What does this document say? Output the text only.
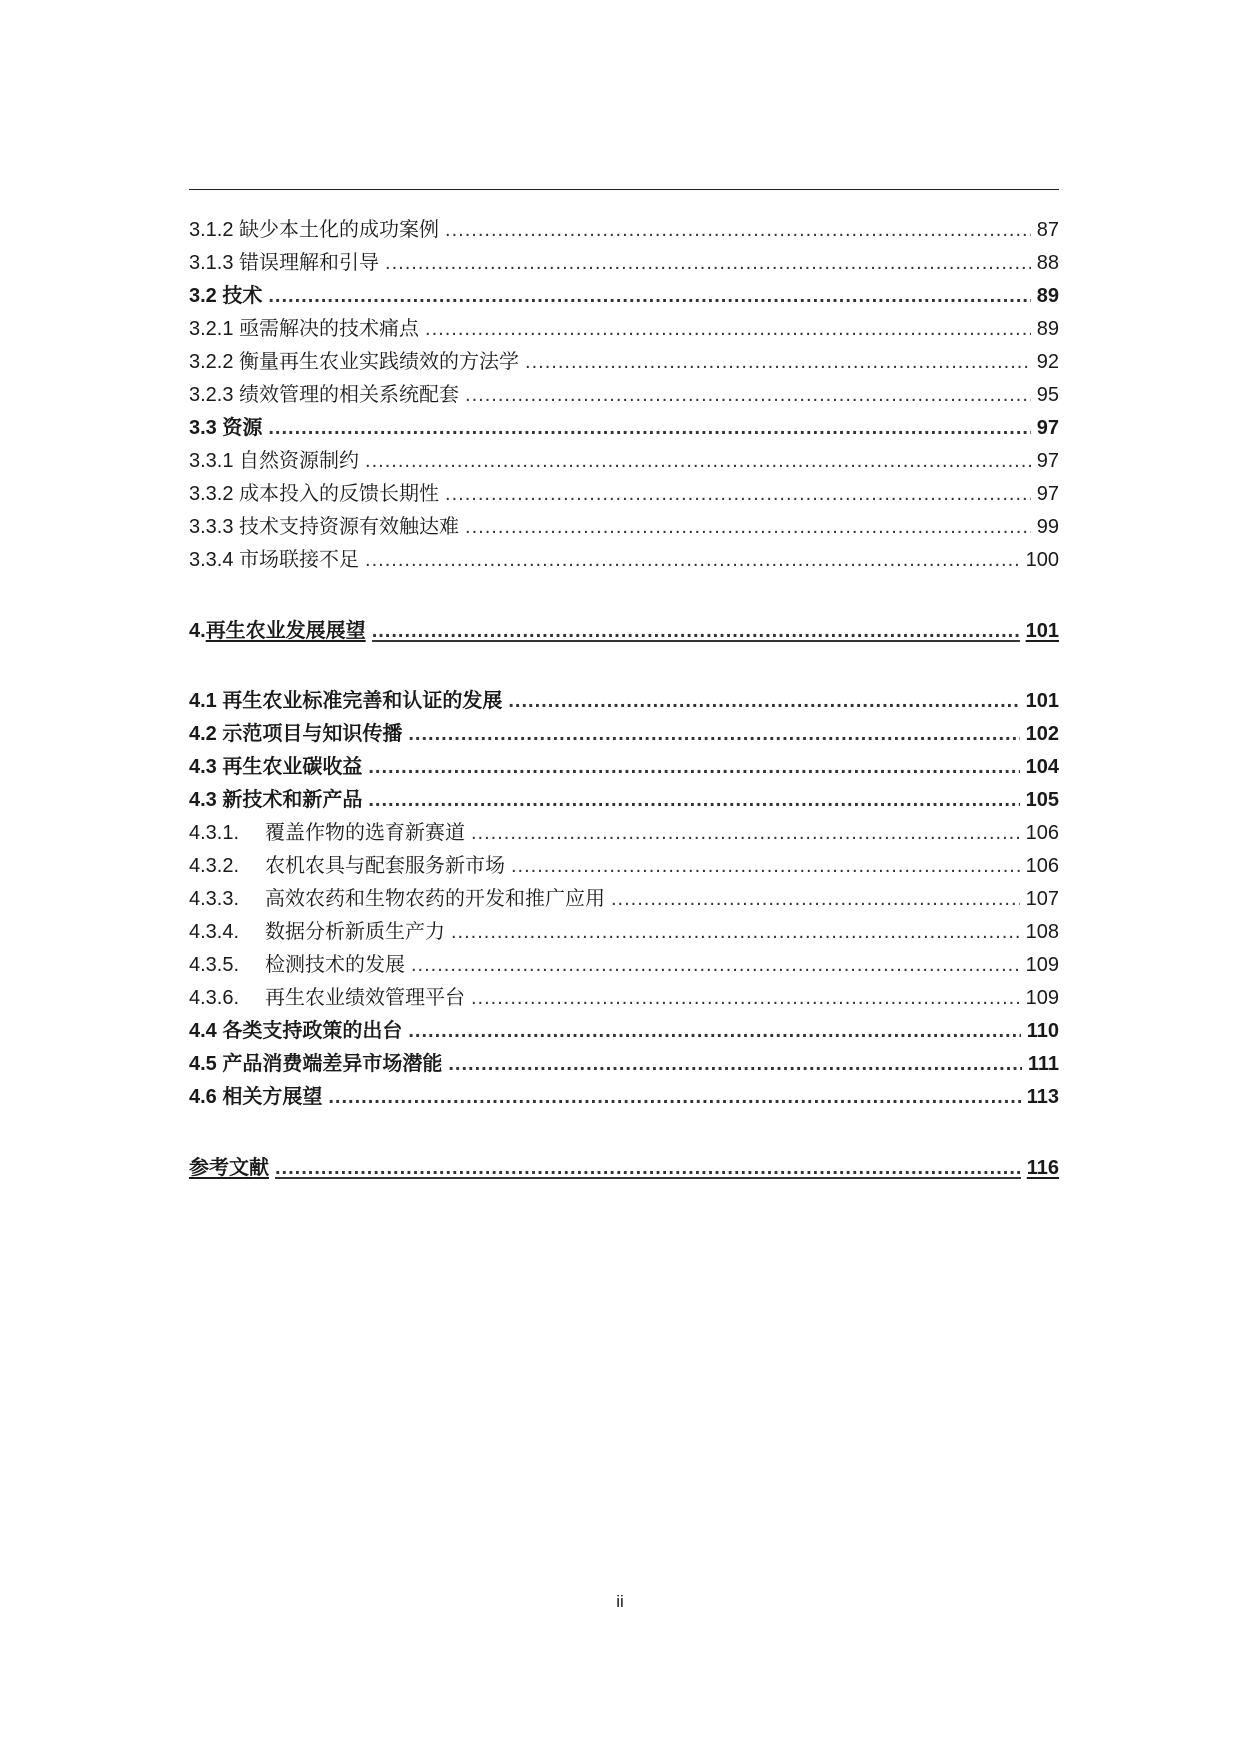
3.1.2 缺少本土化的成功案例 .....	87
3.1.3 错误理解和引导 .....	88
3.2 技术 .....	89
3.2.1 亟需解决的技术痛点 .....	89
3.2.2 衡量再生农业实践绩效的方法学 .....	92
3.2.3 绩效管理的相关系统配套 .....	95
3.3 资源 .....	97
3.3.1 自然资源制约 .....	97
3.3.2 成本投入的反馈长期性 .....	97
3.3.3 技术支持资源有效触达难 .....	99
3.3.4 市场联接不足 .....	100
4.再生农业发展展望 .....	101
4.1 再生农业标准完善和认证的发展 .....	101
4.2 示范项目与知识传播 .....	102
4.3 再生农业碳收益 .....	104
4.3 新技术和新产品 .....	105
4.3.1. 覆盖作物的选育新赛道 .....	106
4.3.2. 农机农具与配套服务新市场 .....	106
4.3.3. 高效农药和生物农药的开发和推广应用 .....	107
4.3.4. 数据分析新质生产力 .....	108
4.3.5. 检测技术的发展 .....	109
4.3.6. 再生农业绩效管理平台 .....	109
4.4 各类支持政策的出台 .....	110
4.5 产品消费端差异市场潜能 .....	111
4.6 相关方展望 .....	113
参考文献 .....	116
ii
